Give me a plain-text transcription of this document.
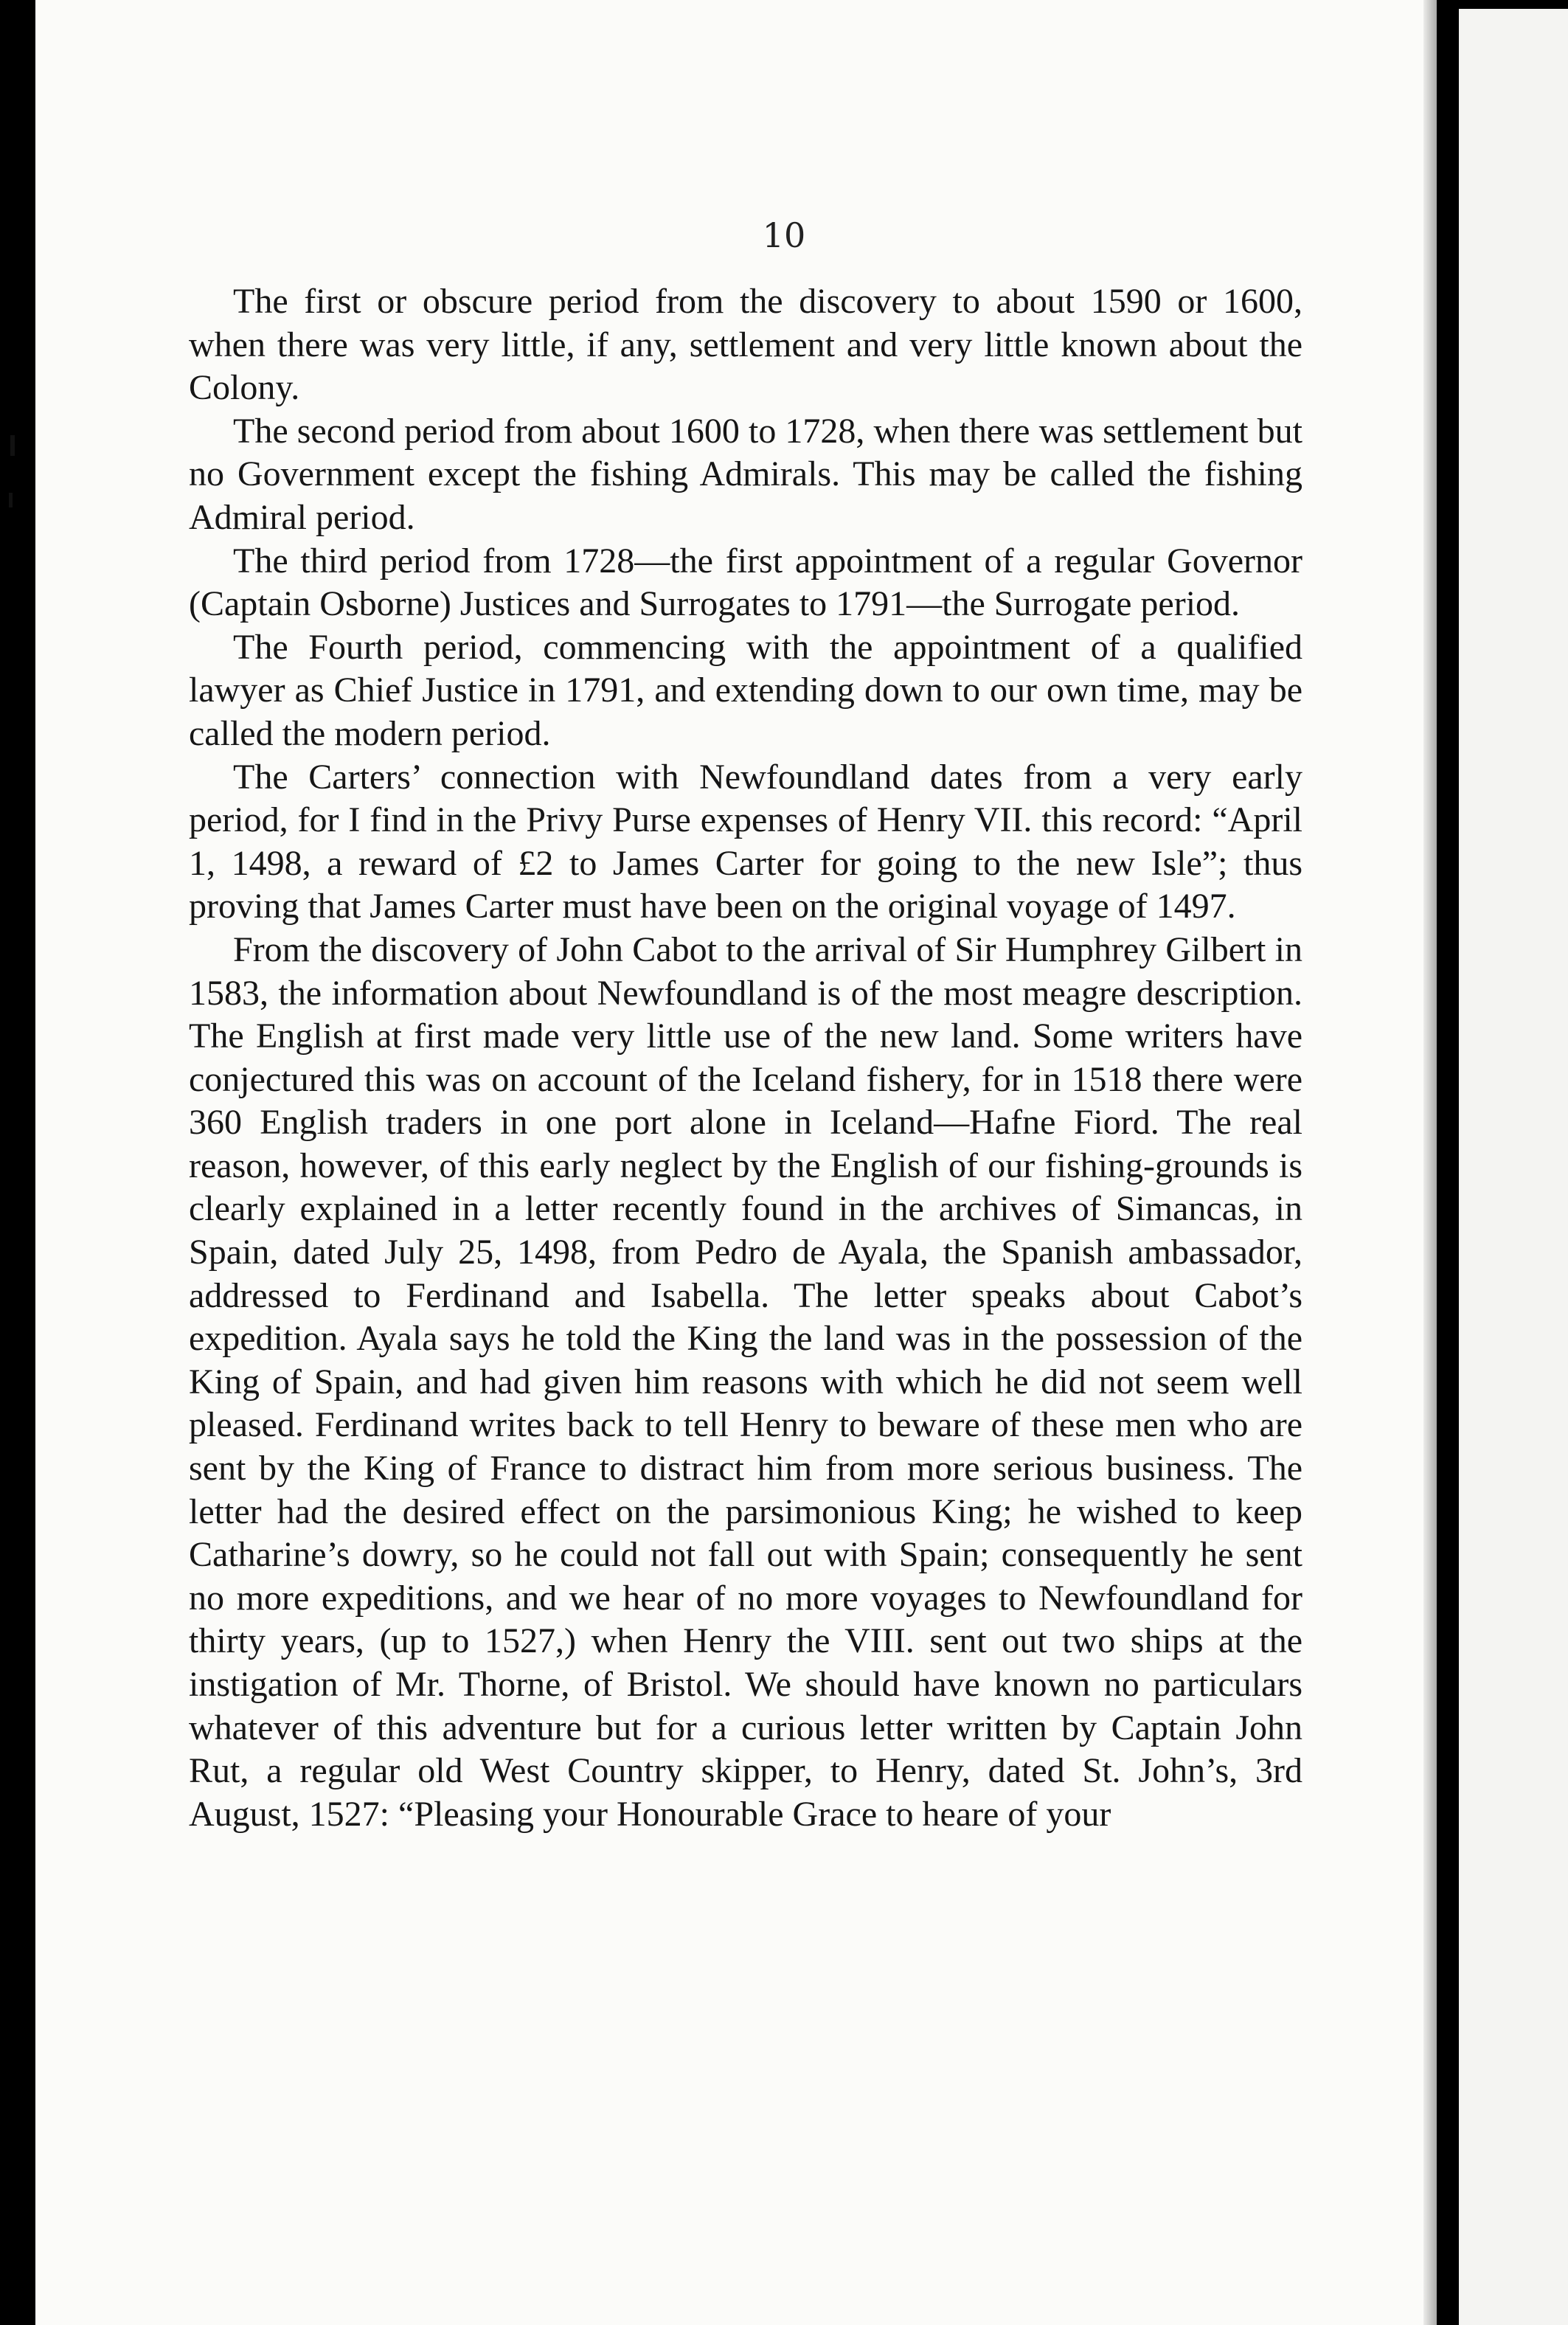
10

The first or obscure period from the discovery to about 1590 or 1600, when there was very little, if any, settlement and very little known about the Colony.

The second period from about 1600 to 1728, when there was settlement but no Government except the fishing Admirals. This may be called the fishing Admiral period.

The third period from 1728—the first appointment of a regular Governor (Captain Osborne) Justices and Surrogates to 1791—the Surrogate period.

The Fourth period, commencing with the appointment of a qualified lawyer as Chief Justice in 1791, and extending down to our own time, may be called the modern period.

The Carters’ connection with Newfoundland dates from a very early period, for I find in the Privy Purse expenses of Henry VII. this record: “April 1, 1498, a reward of £2 to James Carter for going to the new Isle”; thus proving that James Carter must have been on the original voyage of 1497.

From the discovery of John Cabot to the arrival of Sir Humphrey Gilbert in 1583, the information about Newfoundland is of the most meagre description. The English at first made very little use of the new land. Some writers have conjectured this was on account of the Iceland fishery, for in 1518 there were 360 English traders in one port alone in Iceland—Hafne Fiord. The real reason, however, of this early neglect by the English of our fishing-grounds is clearly explained in a letter recently found in the archives of Simancas, in Spain, dated July 25, 1498, from Pedro de Ayala, the Spanish ambassador, addressed to Ferdinand and Isabella. The letter speaks about Cabot’s expedition. Ayala says he told the King the land was in the possession of the King of Spain, and had given him reasons with which he did not seem well pleased. Ferdinand writes back to tell Henry to beware of these men who are sent by the King of France to distract him from more serious business. The letter had the desired effect on the parsimonious King; he wished to keep Catharine’s dowry, so he could not fall out with Spain; consequently he sent no more expeditions, and we hear of no more voyages to Newfoundland for thirty years, (up to 1527,) when Henry the VIII. sent out two ships at the instigation of Mr. Thorne, of Bristol. We should have known no particulars whatever of this adventure but for a curious letter written by Captain John Rut, a regular old West Country skipper, to Henry, dated St. John’s, 3rd August, 1527: “Pleasing your Honourable Grace to heare of your
